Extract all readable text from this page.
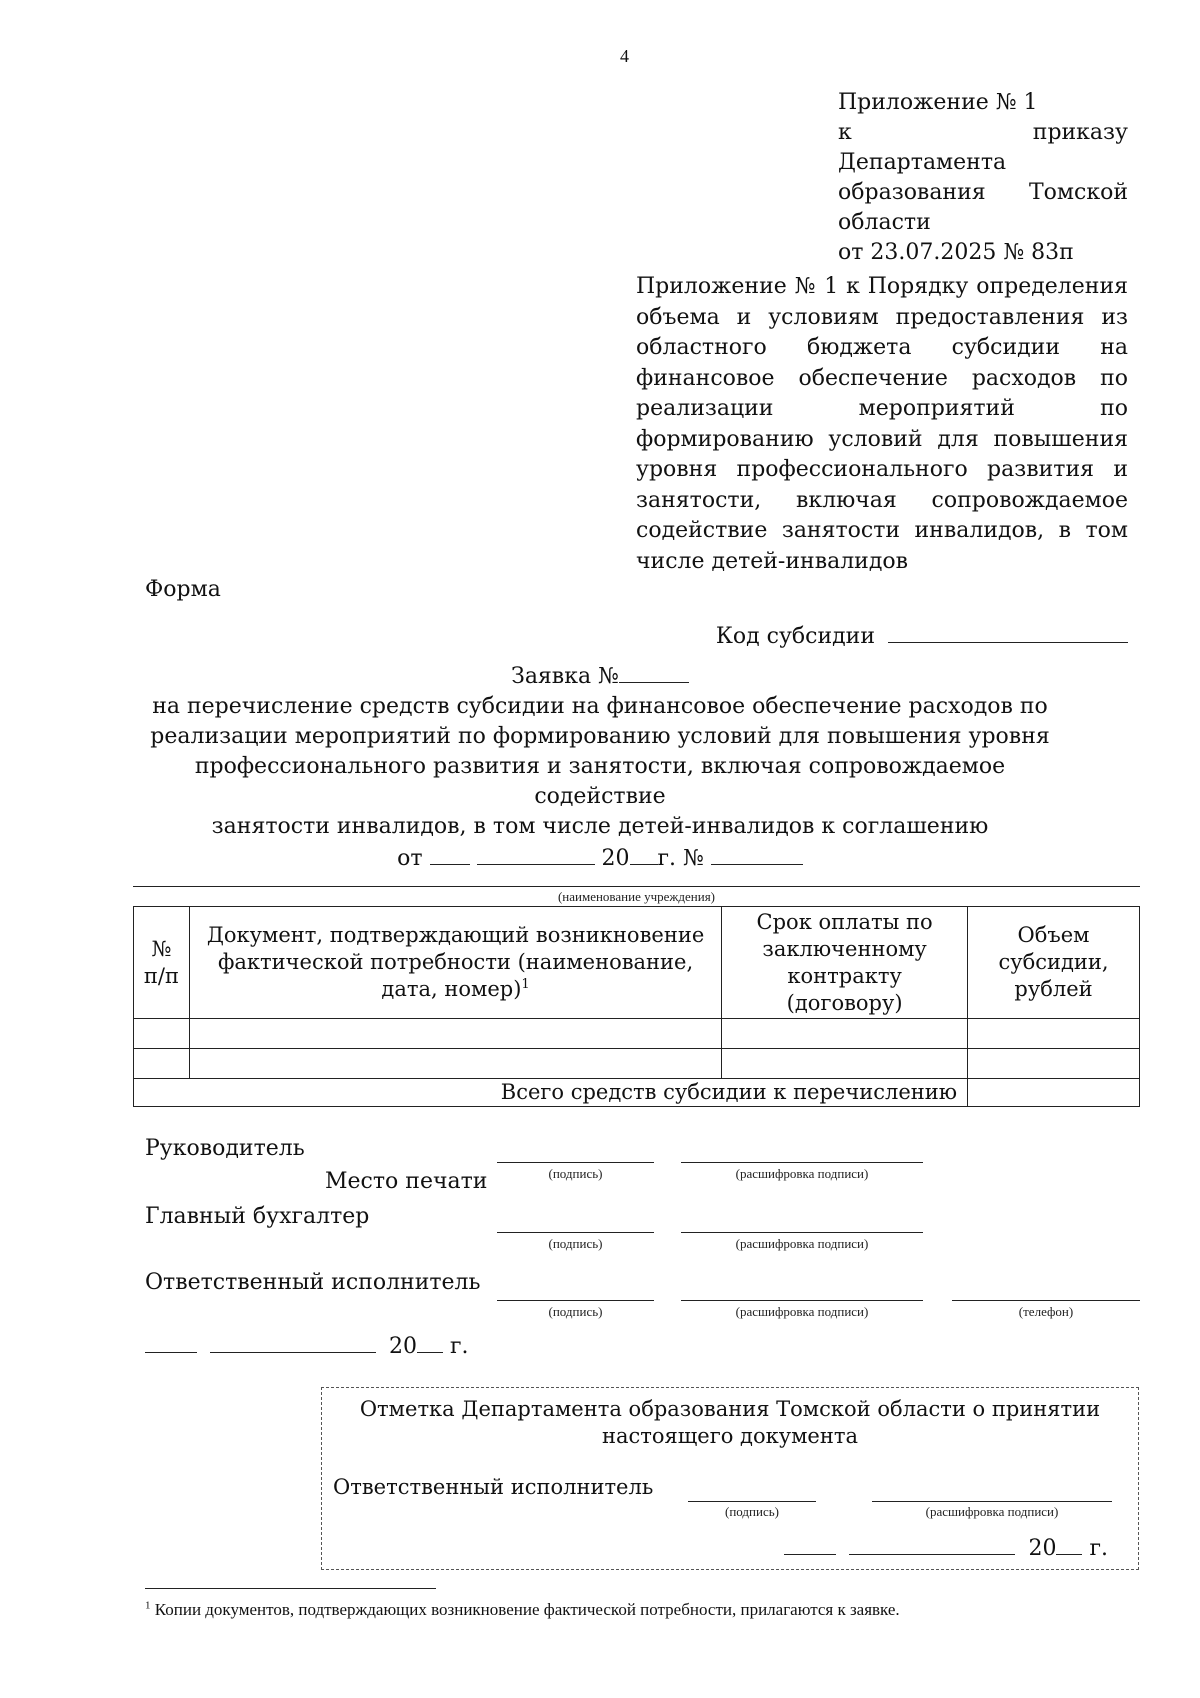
4
Приложение № 1
к приказу Департамента
образования Томской
области
от 23.07.2025 № 83п
Приложение № 1 к Порядку определения
объема и условиям предоставления из
областного бюджета субсидии на
финансовое обеспечение расходов по
реализации мероприятий по
формированию условий для повышения
уровня профессионального развития и
занятости, включая сопровождаемое
содействие занятости инвалидов, в том
числе детей-инвалидов
Форма
Код субсидии
Заявка №
на перечисление средств субсидии на финансовое обеспечение расходов по
реализации мероприятий по формированию условий для повышения уровня
профессионального развития и занятости, включая сопровождаемое содействие
занятости инвалидов, в том числе детей-инвалидов к соглашению
от	20 г. №
(наименование учреждения)
№ п/п	Документ, подтверждающий возникновение фактической потребности (наименование, дата, номер)$^1$	Срок оплаты по заключенному контракту (договору)	Объем субсидии, рублей

Всего средств субсидии к перечислению			
Руководитель
Место печати	(подпись)	(расшифровка подписи)
Главный бухгалтер
(подпись)	(расшифровка подписи)
Ответственный исполнитель
(подпись)	(расшифровка подписи)	(телефон)
20 г.
Отметка Департамента образования Томской области о принятии
настоящего документа
Ответственный исполнитель
(подпись)	(расшифровка подписи)
20 г.
$^1$ Копии документов, подтверждающих возникновение фактической потребности, прилагаются к заявке.
